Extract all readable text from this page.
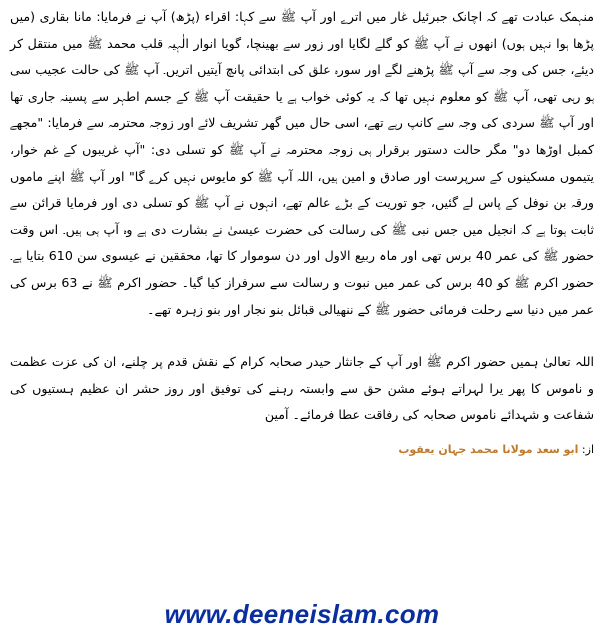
منہمک عبادت تھے کہ اچانک جبرئیل غار میں اترے اور آپ ﷺ سے کہا: اقراء (پڑھ) آپ نے فرمایا: مانا بقاری (میں پڑھا ہوا نہیں ہوں) انھوں نے آپ ﷺ کو گلے لگایا اور زور سے بھینچا، گویا انوار الٰہیہ قلب محمد ﷺ میں منتقل کر دیئے، جس کی وجہ سے آپ ﷺ پڑھنے لگے اور سورہ علق کی ابتدائی پانچ آیتیں اتریں۔ آپ ﷺ کی حالت عجیب سی ہو رہی تھی، آپ ﷺ کو معلوم نہیں تھا کہ یہ کوئی خواب ہے یا حقیقت آپ ﷺ کے جسم اطہر سے پسینہ جاری تھا اور آپ ﷺ سردی کی وجہ سے کانپ رہے تھے، اسی حال میں گھر تشریف لائے اور زوجہ محترمہ سے فرمایا: "مجھے کمبل اوڑھا دو" مگر حالت دستور برقرار ہی زوجہ محترمہ نے آپ ﷺ کو تسلی دی: "آپ غریبوں کے غم خوار، یتیموں مسکینوں کے سرپرست اور صادق و امین ہیں، اللہ آپ ﷺ کو مایوس نہیں کرے گا" اور آپ ﷺ اپنے ماموں ورقہ بن نوفل کے پاس لے گئیں، جو توریت کے بڑے عالم تھے، انہوں نے آپ ﷺ کو تسلی دی اور فرمایا قرائن سے ثابت ہوتا ہے کہ انجیل میں جس نبی ﷺ کی رسالت کی حضرت عیسیٰ نے بشارت دی ہے وہ آپ ہی ہیں۔ اس وقت حضور ﷺ کی عمر 40 برس تھی اور ماہ ربیع الاول اور دن سوموار کا تھا، محققین نے عیسوی سن 610 بتایا ہے۔ حضور اکرم ﷺ کو 40 برس کی عمر میں نبوت و رسالت سے سرفراز کیا گیا۔ حضور اکرم ﷺ نے 63 برس کی عمر میں دنیا سے رحلت فرمائی حضور ﷺ کے ننھیالی قبائل بنو نجار اور بنو زہرہ تھے۔

اللہ تعالیٰ ہمیں حضور اکرم ﷺ اور آپ کے جانثار حیدر صحابہ کرام کے نقش قدم پر چلنے، ان کی عزت عظمت و ناموس کا پھر یرا لہراتے ہوئے مشن حق سے وابستہ رہنے کی توفیق اور روز حشر ان عظیم ہستیوں کی شفاعت و شہدائے ناموس صحابہ کی رفاقت عطا فرمائے۔ آمین

از: ابو سعد مولانا محمد جہان یعقوب

www.deeneislam.com
